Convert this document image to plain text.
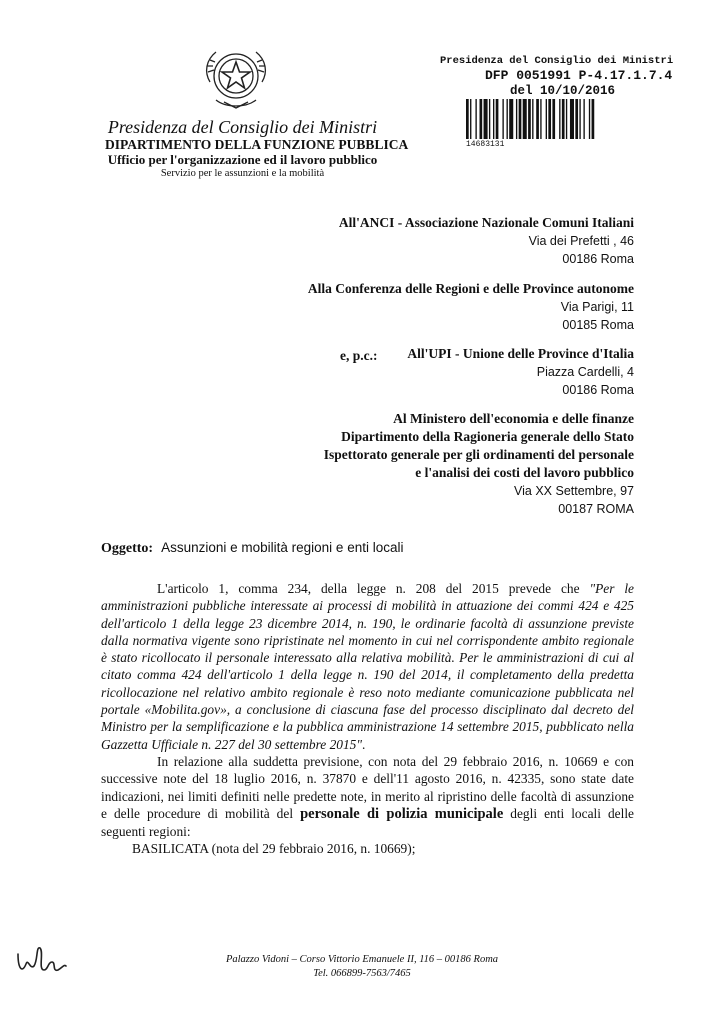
Presidenza del Consiglio dei Ministri
DIPARTIMENTO DELLA FUNZIONE PUBBLICA
Ufficio per l'organizzazione ed il lavoro pubblico
Servizio per le assunzioni e la mobilità
Presidenza del Consiglio dei Ministri
DFP 0051991 P-4.17.1.7.4
del 10/10/2016
14683131
All'ANCI - Associazione Nazionale Comuni Italiani
Via dei Prefetti , 46
00186 Roma
Alla Conferenza delle Regioni e delle Province autonome
Via Parigi, 11
00185 Roma
e, p.c.: All'UPI - Unione delle Province d'Italia
Piazza Cardelli, 4
00186 Roma
Al Ministero dell'economia e delle finanze
Dipartimento della Ragioneria generale dello Stato
Ispettorato generale per gli ordinamenti del personale
e l'analisi dei costi del lavoro pubblico
Via XX Settembre, 97
00187 ROMA
Oggetto: Assunzioni e mobilità regioni e enti locali

L'articolo 1, comma 234, della legge n. 208 del 2015 prevede che "Per le amministrazioni pubbliche interessate ai processi di mobilità in attuazione dei commi 424 e 425 dell'articolo 1 della legge 23 dicembre 2014, n. 190, le ordinarie facoltà di assunzione previste dalla normativa vigente sono ripristinate nel momento in cui nel corrispondente ambito regionale è stato ricollocato il personale interessato alla relativa mobilità. Per le amministrazioni di cui al citato comma 424 dell'articolo 1 della legge n. 190 del 2014, il completamento della predetta ricollocazione nel relativo ambito regionale è reso noto mediante comunicazione pubblicata nel portale «Mobilita.gov», a conclusione di ciascuna fase del processo disciplinato dal decreto del Ministro per la semplificazione e la pubblica amministrazione 14 settembre 2015, pubblicato nella Gazzetta Ufficiale n. 227 del 30 settembre 2015".

In relazione alla suddetta previsione, con nota del 29 febbraio 2016, n. 10669 e con successive note del 18 luglio 2016, n. 37870 e dell'11 agosto 2016, n. 42335, sono state date indicazioni, nei limiti definiti nelle predette note, in merito al ripristino delle facoltà di assunzione e delle procedure di mobilità del personale di polizia municipale degli enti locali delle seguenti regioni:

BASILICATA (nota del 29 febbraio 2016, n. 10669);

Palazzo Vidoni – Corso Vittorio Emanuele II, 116 – 00186 Roma
Tel. 066899-7563/7465
